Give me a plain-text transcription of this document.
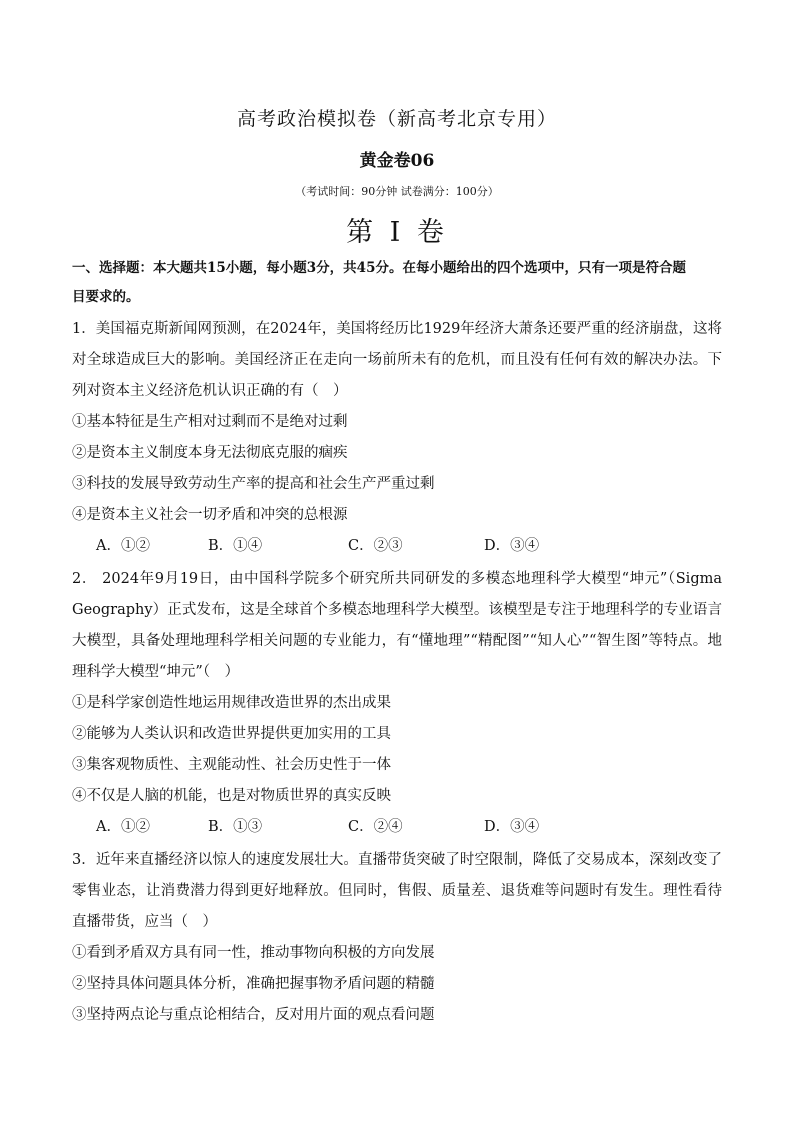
高考政治模拟卷（新高考北京专用）
黄金卷06
（考试时间：90分钟 试卷满分：100分）
第 I 卷
一、选择题：本大题共15小题，每小题3分，共45分。在每小题给出的四个选项中，只有一项是符合题
目要求的。
1．美国福克斯新闻网预测，在2024年，美国将经历比1929年经济大萧条还要严重的经济崩盘，这将对全球造成巨大的影响。美国经济正在走向一场前所未有的危机，而且没有任何有效的解决办法。下列对资本主义经济危机认识正确的有（　）
①基本特征是生产相对过剩而不是绝对过剩
②是资本主义制度本身无法彻底克服的痼疾
③科技的发展导致劳动生产率的提高和社会生产严重过剩
④是资本主义社会一切矛盾和冲突的总根源
A．①②	B．①④	C．②③	D．③④
2． 2024年9月19日，由中国科学院多个研究所共同研发的多模态地理科学大模型“坤元”（Sigma Geography）正式发布，这是全球首个多模态地理科学大模型。该模型是专注于地理科学的专业语言大模型，具备处理地理科学相关问题的专业能力，有“懂地理”“精配图”“知人心”“智生图”等特点。地理科学大模型“坤元”（　）
①是科学家创造性地运用规律改造世界的杰出成果
②能够为人类认识和改造世界提供更加实用的工具
③集客观物质性、主观能动性、社会历史性于一体
④不仅是人脑的机能，也是对物质世界的真实反映
A．①②	B．①③	C．②④	D．③④
3．近年来直播经济以惊人的速度发展壮大。直播带货突破了时空限制，降低了交易成本，深刻改变了零售业态，让消费潜力得到更好地释放。但同时，售假、质量差、退货难等问题时有发生。理性看待直播带货，应当（　）
①看到矛盾双方具有同一性，推动事物向积极的方向发展
②坚持具体问题具体分析，准确把握事物矛盾问题的精髓
③坚持两点论与重点论相结合，反对用片面的观点看问题
